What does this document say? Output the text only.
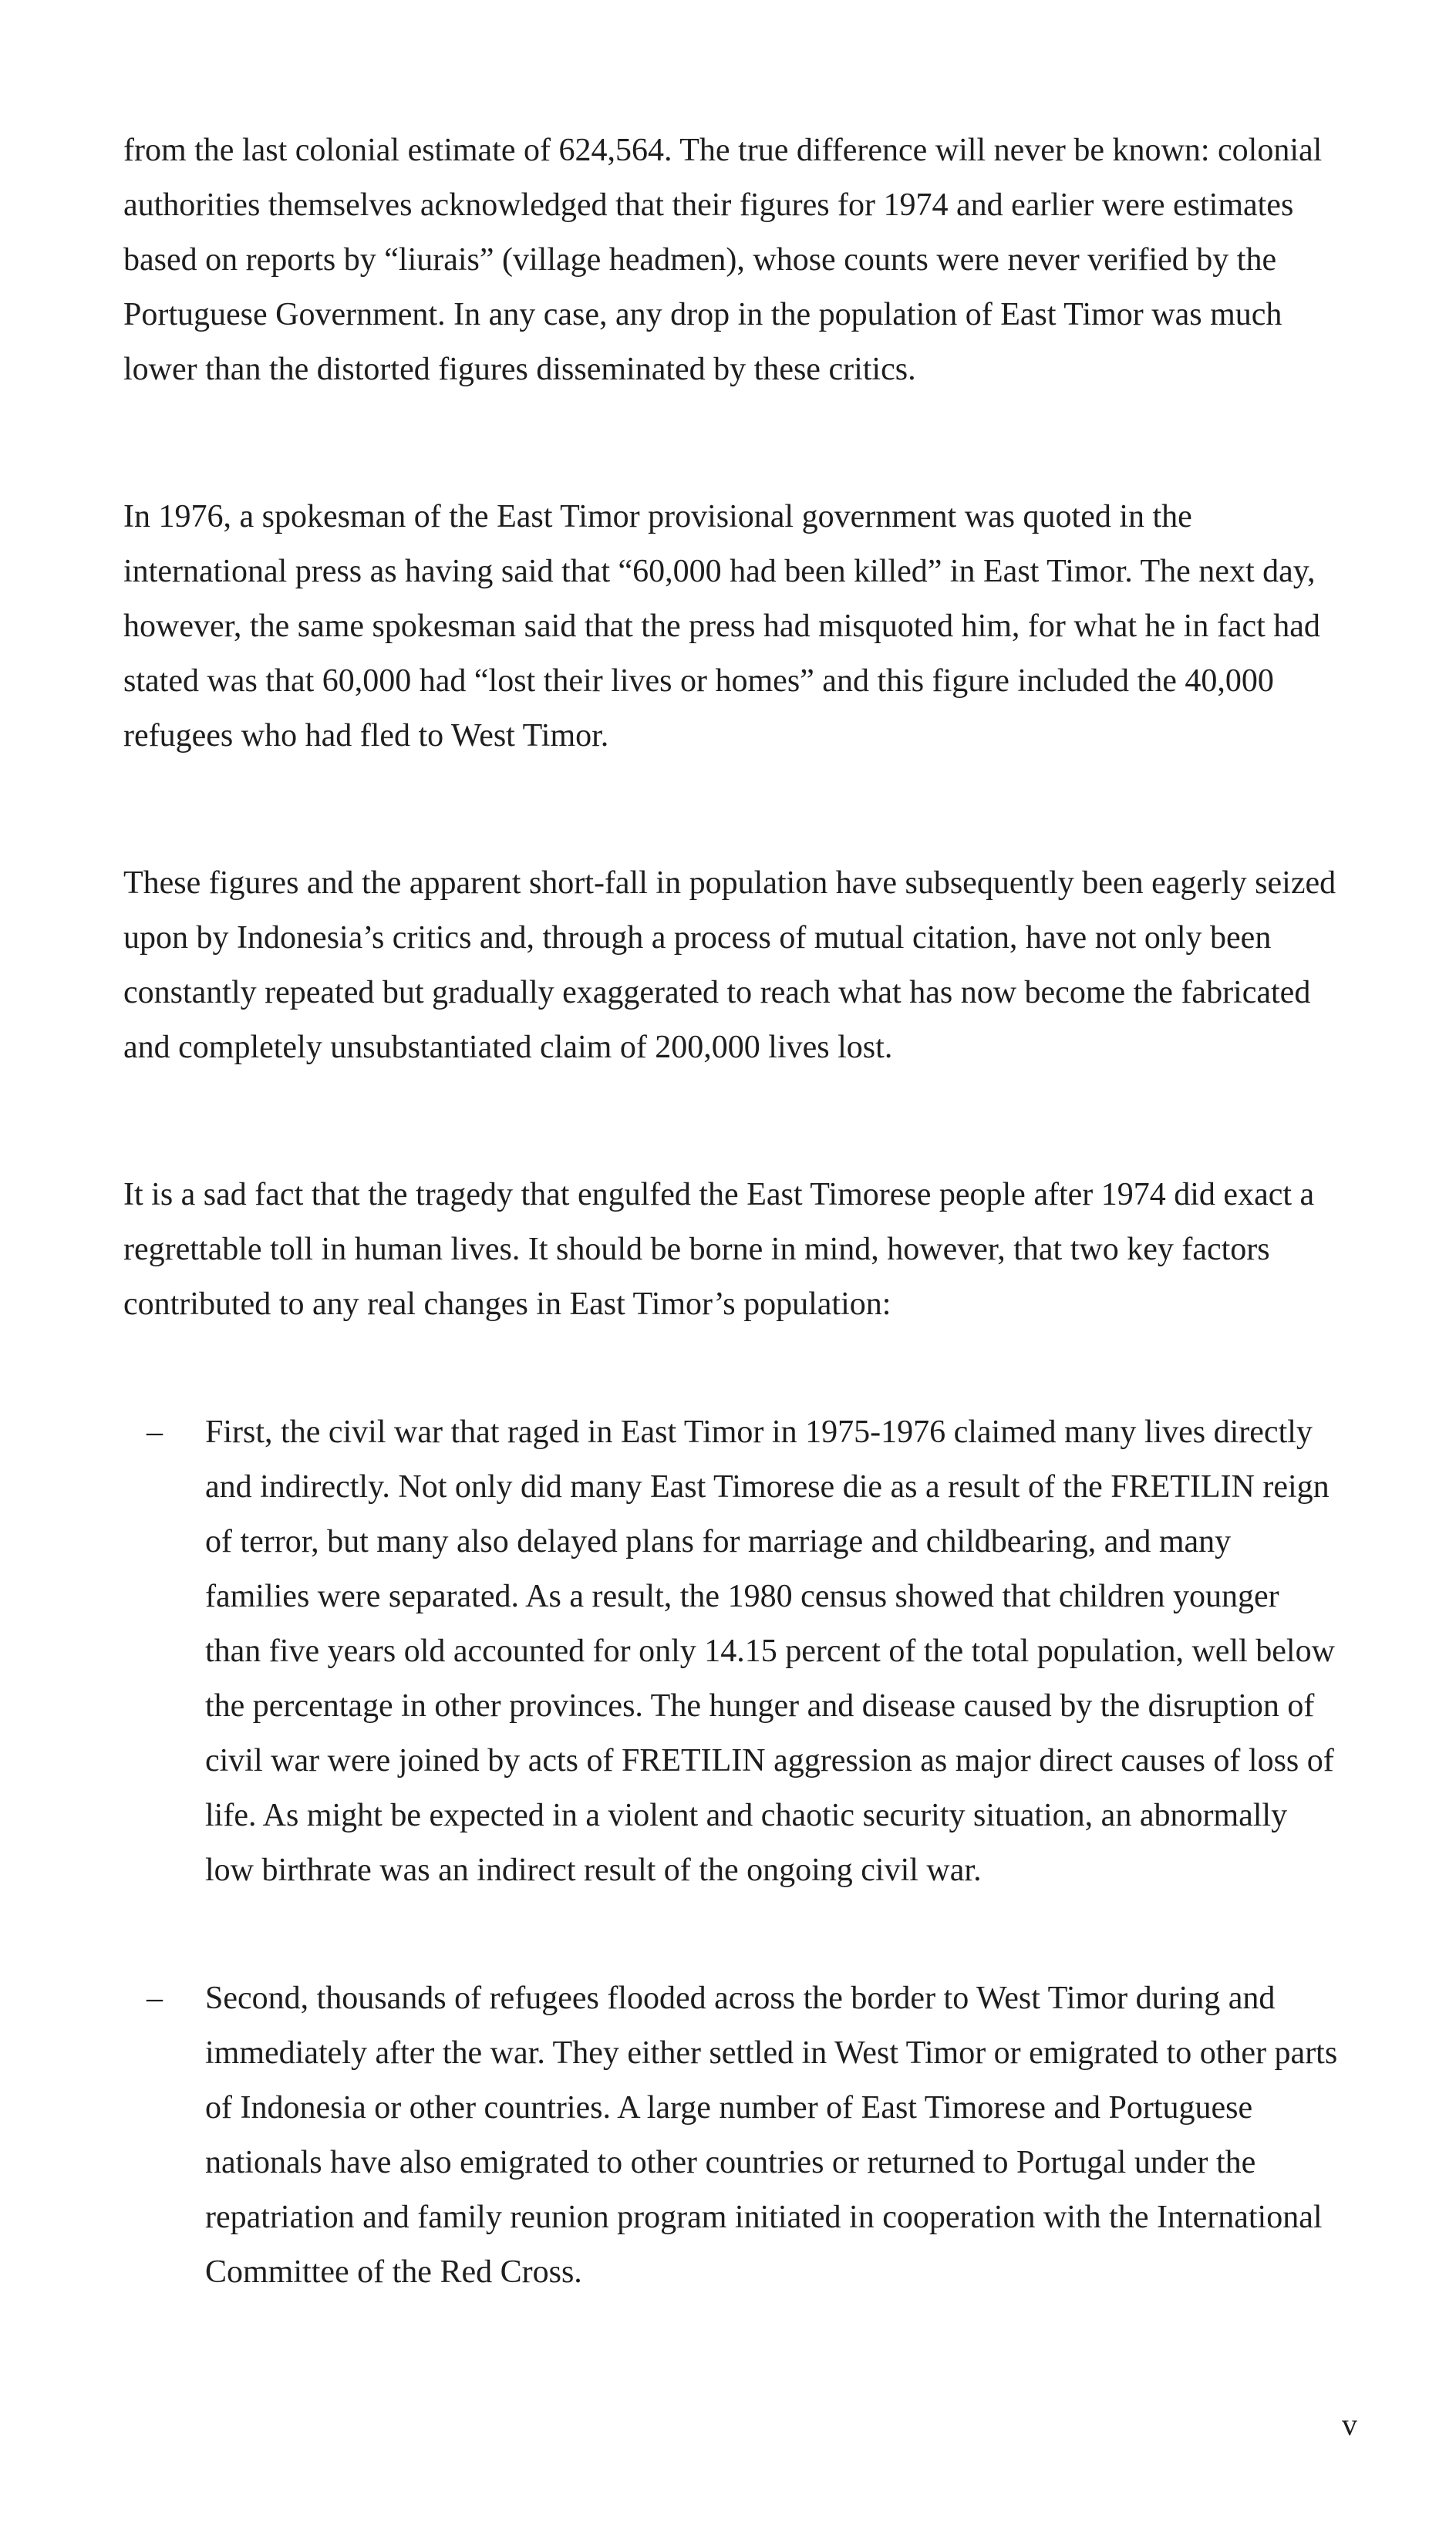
from the last colonial estimate of 624,564. The true difference will never be known: colonial authorities themselves acknowledged that their figures for 1974 and earlier were estimates based on reports by “liurais” (village headmen), whose counts were never verified by the Portuguese Government. In any case, any drop in the population of East Timor was much lower than the distorted figures disseminated by these critics.

In 1976, a spokesman of the East Timor provisional government was quoted in the international press as having said that “60,000 had been killed” in East Timor. The next day, however, the same spokesman said that the press had misquoted him, for what he in fact had stated was that 60,000 had “lost their lives or homes” and this figure included the 40,000 refugees who had fled to West Timor.

These figures and the apparent short-fall in population have subsequently been eagerly seized upon by Indonesia’s critics and, through a process of mutual citation, have not only been constantly repeated but gradually exaggerated to reach what has now become the fabricated and completely unsubstantiated claim of 200,000 lives lost.

It is a sad fact that the tragedy that engulfed the East Timorese people after 1974 did exact a regrettable toll in human lives. It should be borne in mind, however, that two key factors contributed to any real changes in East Timor’s population:

– First, the civil war that raged in East Timor in 1975-1976 claimed many lives directly and indirectly. Not only did many East Timorese die as a result of the FRETILIN reign of terror, but many also delayed plans for marriage and childbearing, and many families were separated. As a result, the 1980 census showed that children younger than five years old accounted for only 14.15 percent of the total population, well below the percentage in other provinces. The hunger and disease caused by the disruption of civil war were joined by acts of FRETILIN aggression as major direct causes of loss of life. As might be expected in a violent and chaotic security situation, an abnormally low birthrate was an indirect result of the ongoing civil war.
– Second, thousands of refugees flooded across the border to West Timor during and immediately after the war. They either settled in West Timor or emigrated to other parts of Indonesia or other countries. A large number of East Timorese and Portuguese nationals have also emigrated to other countries or returned to Portugal under the repatriation and family reunion program initiated in cooperation with the International Committee of the Red Cross.
v
